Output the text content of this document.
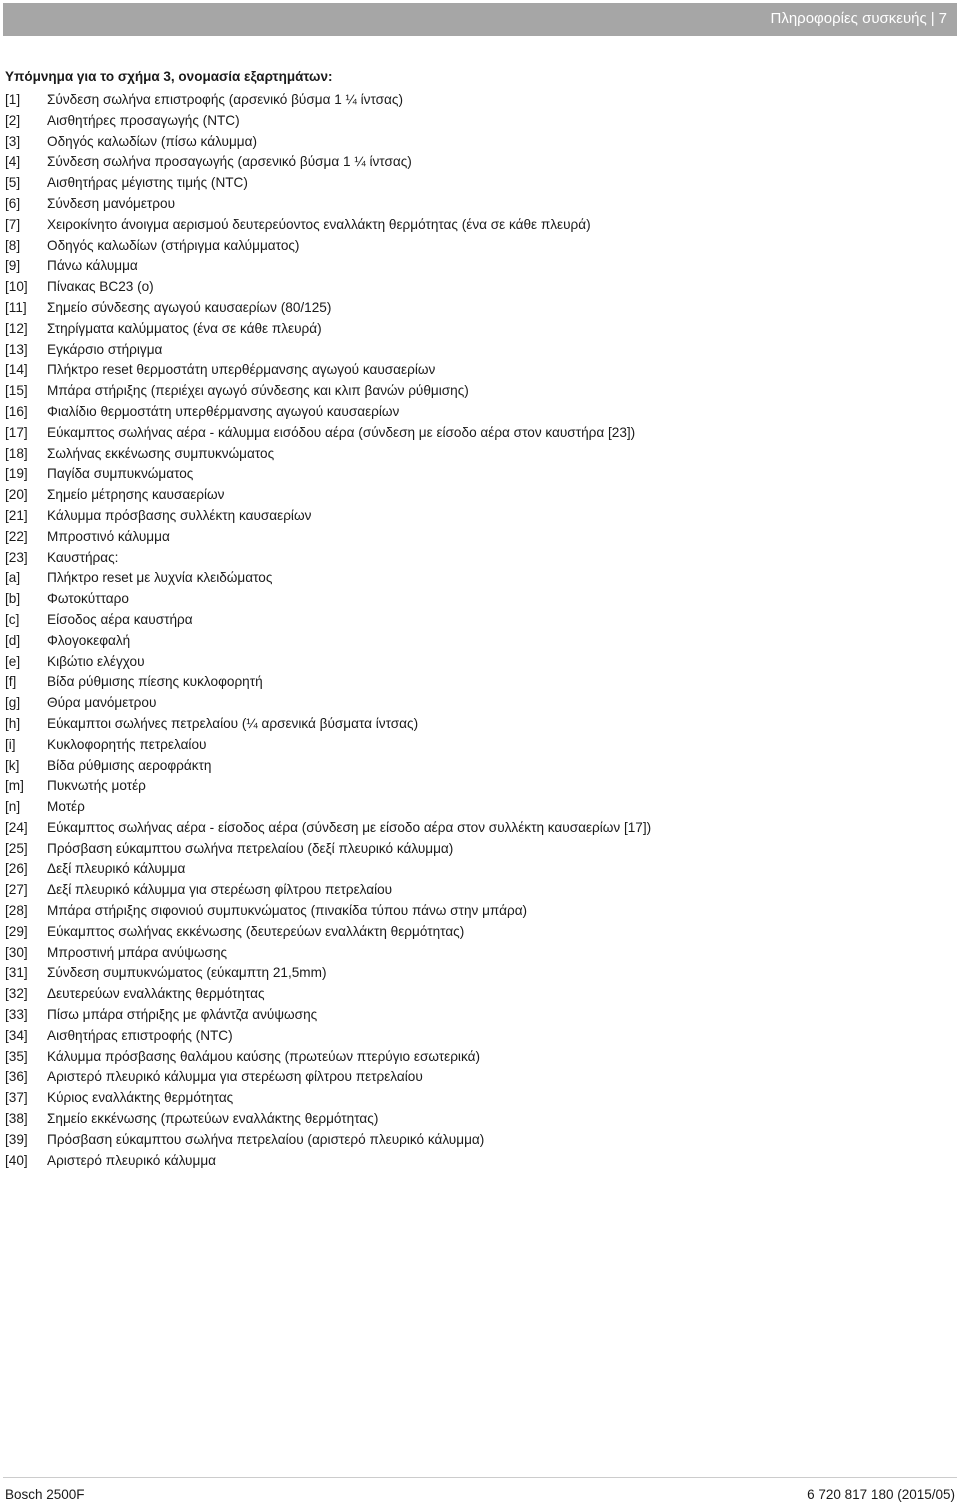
Πληροφορίες συσκευής | 7
Υπόμνημα για το σχήμα 3, ονομασία εξαρτημάτων:
[1]	Σύνδεση σωλήνα επιστροφής (αρσενικό βύσμα 1 ¼ ίντσας)
[2]	Αισθητήρες προσαγωγής (NTC)
[3]	Οδηγός καλωδίων (πίσω κάλυμμα)
[4]	Σύνδεση σωλήνα προσαγωγής (αρσενικό βύσμα 1 ¼ ίντσας)
[5]	Αισθητήρας μέγιστης τιμής (NTC)
[6]	Σύνδεση μανόμετρου
[7]	Χειροκίνητο άνοιγμα αερισμού δευτερεύοντος εναλλάκτη θερμότητας (ένα σε κάθε πλευρά)
[8]	Οδηγός καλωδίων (στήριγμα καλύμματος)
[9]	Πάνω κάλυμμα
[10]	Πίνακας BC23 (ο)
[11]	Σημείο σύνδεσης αγωγού καυσαερίων (80/125)
[12]	Στηρίγματα καλύμματος (ένα σε κάθε πλευρά)
[13]	Εγκάρσιο στήριγμα
[14]	Πλήκτρο reset θερμοστάτη υπερθέρμανσης αγωγού καυσαερίων
[15]	Μπάρα στήριξης (περιέχει αγωγό σύνδεσης και κλιπ βανών ρύθμισης)
[16]	Φιαλίδιο θερμοστάτη υπερθέρμανσης αγωγού καυσαερίων
[17]	Εύκαμπτος σωλήνας αέρα - κάλυμμα εισόδου αέρα (σύνδεση με είσοδο αέρα στον καυστήρα [23])
[18]	Σωλήνας εκκένωσης συμπυκνώματος
[19]	Παγίδα συμπυκνώματος
[20]	Σημείο μέτρησης καυσαερίων
[21]	Κάλυμμα πρόσβασης συλλέκτη καυσαερίων
[22]	Μπροστινό κάλυμμα
[23]	Καυστήρας:
[a]	Πλήκτρο reset με λυχνία κλειδώματος
[b]	Φωτοκύτταρο
[c]	Είσοδος αέρα καυστήρα
[d]	Φλογοκεφαλή
[e]	Κιβώτιο ελέγχου
[f]	Βίδα ρύθμισης πίεσης κυκλοφορητή
[g]	Θύρα μανόμετρου
[h]	Εύκαμπτοι σωλήνες πετρελαίου (¼ αρσενικά βύσματα ίντσας)
[i]	Κυκλοφορητής πετρελαίου
[k]	Βίδα ρύθμισης αεροφράκτη
[m]	Πυκνωτής μοτέρ
[n]	Μοτέρ
[24]	Εύκαμπτος σωλήνας αέρα - είσοδος αέρα (σύνδεση με είσοδο αέρα στον συλλέκτη καυσαερίων [17])
[25]	Πρόσβαση εύκαμπτου σωλήνα πετρελαίου (δεξί πλευρικό κάλυμμα)
[26]	Δεξί πλευρικό κάλυμμα
[27]	Δεξί πλευρικό κάλυμμα για στερέωση φίλτρου πετρελαίου
[28]	Μπάρα στήριξης σιφονιού συμπυκνώματος (πινακίδα τύπου πάνω στην μπάρα)
[29]	Εύκαμπτος σωλήνας εκκένωσης (δευτερεύων εναλλάκτη θερμότητας)
[30]	Μπροστινή μπάρα ανύψωσης
[31]	Σύνδεση συμπυκνώματος (εύκαμπτη 21,5mm)
[32]	Δευτερεύων εναλλάκτης θερμότητας
[33]	Πίσω μπάρα στήριξης με φλάντζα ανύψωσης
[34]	Αισθητήρας επιστροφής (NTC)
[35]	Κάλυμμα πρόσβασης θαλάμου καύσης (πρωτεύων πτερύγιο εσωτερικά)
[36]	Αριστερό πλευρικό κάλυμμα για στερέωση φίλτρου πετρελαίου
[37]	Κύριος εναλλάκτης θερμότητας
[38]	Σημείο εκκένωσης (πρωτεύων εναλλάκτης θερμότητας)
[39]	Πρόσβαση εύκαμπτου σωλήνα πετρελαίου (αριστερό πλευρικό κάλυμμα)
[40]	Αριστερό πλευρικό κάλυμμα
Bosch 2500F	6 720 817 180 (2015/05)
